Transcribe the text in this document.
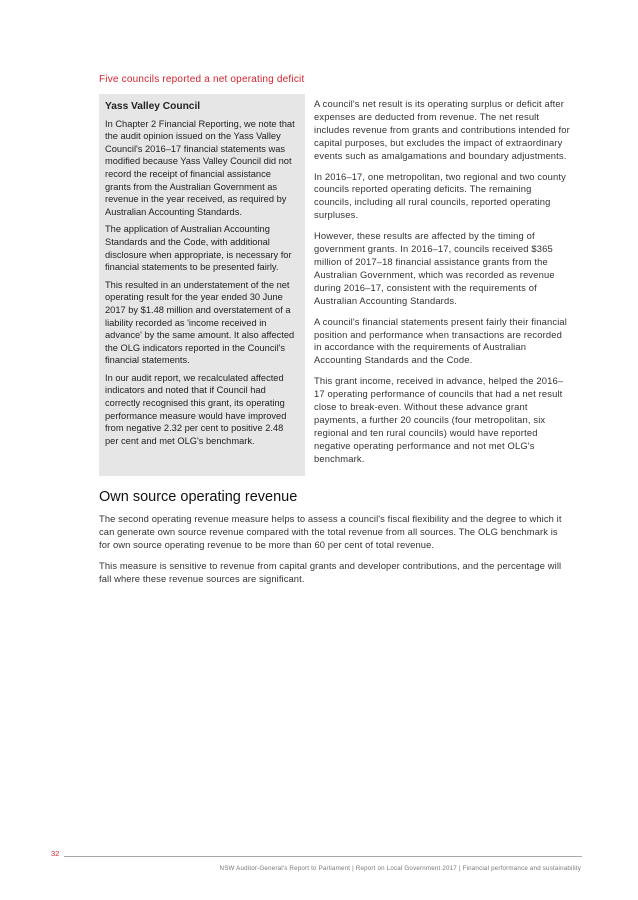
Five councils reported a net operating deficit
Yass Valley Council

In Chapter 2 Financial Reporting, we note that the audit opinion issued on the Yass Valley Council's 2016–17 financial statements was modified because Yass Valley Council did not record the receipt of financial assistance grants from the Australian Government as revenue in the year received, as required by Australian Accounting Standards.

The application of Australian Accounting Standards and the Code, with additional disclosure when appropriate, is necessary for financial statements to be presented fairly.

This resulted in an understatement of the net operating result for the year ended 30 June 2017 by $1.48 million and overstatement of a liability recorded as 'income received in advance' by the same amount. It also affected the OLG indicators reported in the Council's financial statements.

In our audit report, we recalculated affected indicators and noted that if Council had correctly recognised this grant, its operating performance measure would have improved from negative 2.32 per cent to positive 2.48 per cent and met OLG's benchmark.

A council's net result is its operating surplus or deficit after expenses are deducted from revenue. The net result includes revenue from grants and contributions intended for capital purposes, but excludes the impact of extraordinary events such as amalgamations and boundary adjustments.

In 2016–17, one metropolitan, two regional and two county councils reported operating deficits. The remaining councils, including all rural councils, reported operating surpluses.

However, these results are affected by the timing of government grants. In 2016–17, councils received $365 million of 2017–18 financial assistance grants from the Australian Government, which was recorded as revenue during 2016–17, consistent with the requirements of Australian Accounting Standards.

A council's financial statements present fairly their financial position and performance when transactions are recorded in accordance with the requirements of Australian Accounting Standards and the Code.

This grant income, received in advance, helped the 2016–17 operating performance of councils that had a net result close to break-even. Without these advance grant payments, a further 20 councils (four metropolitan, six regional and ten rural councils) would have reported negative operating performance and not met OLG's benchmark.

Own source operating revenue

The second operating revenue measure helps to assess a council's fiscal flexibility and the degree to which it can generate own source revenue compared with the total revenue from all sources. The OLG benchmark is for own source operating revenue to be more than 60 per cent of total revenue.

This measure is sensitive to revenue from capital grants and developer contributions, and the percentage will fall where these revenue sources are significant.

32
NSW Auditor-General's Report to Parliament | Report on Local Government 2017 | Financial performance and sustainability
